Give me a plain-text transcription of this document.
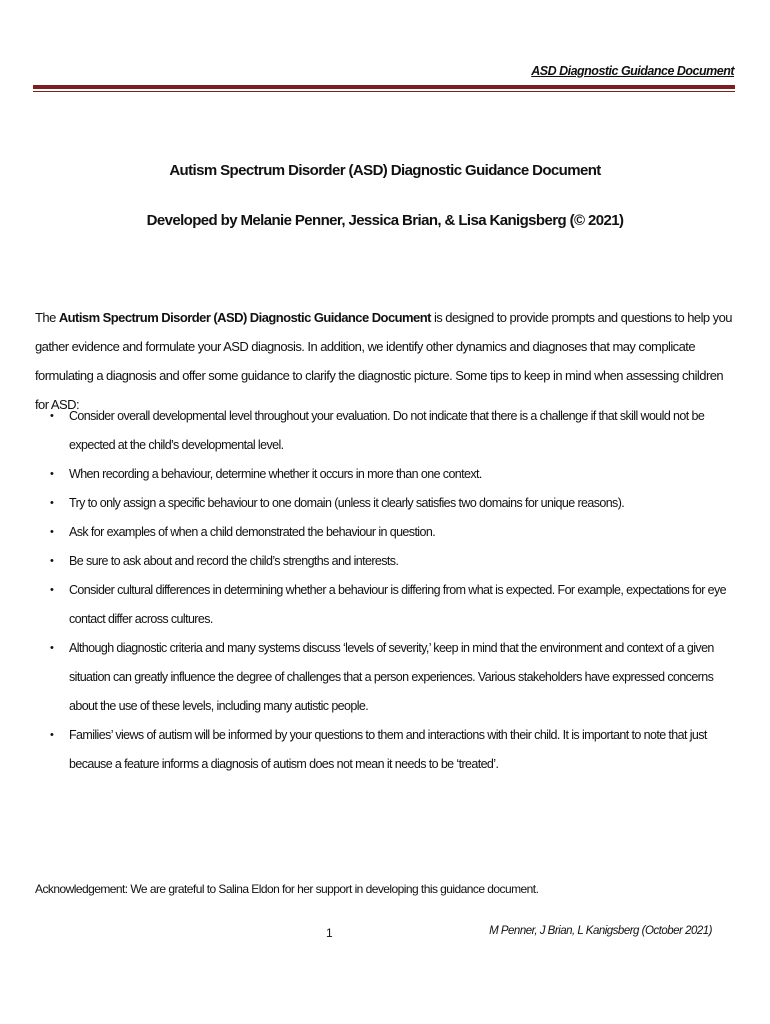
ASD Diagnostic Guidance Document
Autism Spectrum Disorder (ASD) Diagnostic Guidance Document
Developed by Melanie Penner, Jessica Brian, & Lisa Kanigsberg (© 2021)
The Autism Spectrum Disorder (ASD) Diagnostic Guidance Document is designed to provide prompts and questions to help you gather evidence and formulate your ASD diagnosis. In addition, we identify other dynamics and diagnoses that may complicate formulating a diagnosis and offer some guidance to clarify the diagnostic picture. Some tips to keep in mind when assessing children for ASD:
• Consider overall developmental level throughout your evaluation. Do not indicate that there is a challenge if that skill would not be expected at the child’s developmental level.
• When recording a behaviour, determine whether it occurs in more than one context.
• Try to only assign a specific behaviour to one domain (unless it clearly satisfies two domains for unique reasons).
• Ask for examples of when a child demonstrated the behaviour in question.
• Be sure to ask about and record the child’s strengths and interests.
• Consider cultural differences in determining whether a behaviour is differing from what is expected. For example, expectations for eye contact differ across cultures.
• Although diagnostic criteria and many systems discuss ‘levels of severity,’ keep in mind that the environment and context of a given situation can greatly influence the degree of challenges that a person experiences. Various stakeholders have expressed concerns about the use of these levels, including many autistic people.
• Families’ views of autism will be informed by your questions to them and interactions with their child. It is important to note that just because a feature informs a diagnosis of autism does not mean it needs to be ‘treated’.
Acknowledgement: We are grateful to Salina Eldon for her support in developing this guidance document.
1	M Penner, J Brian, L Kanigsberg (October 2021)
